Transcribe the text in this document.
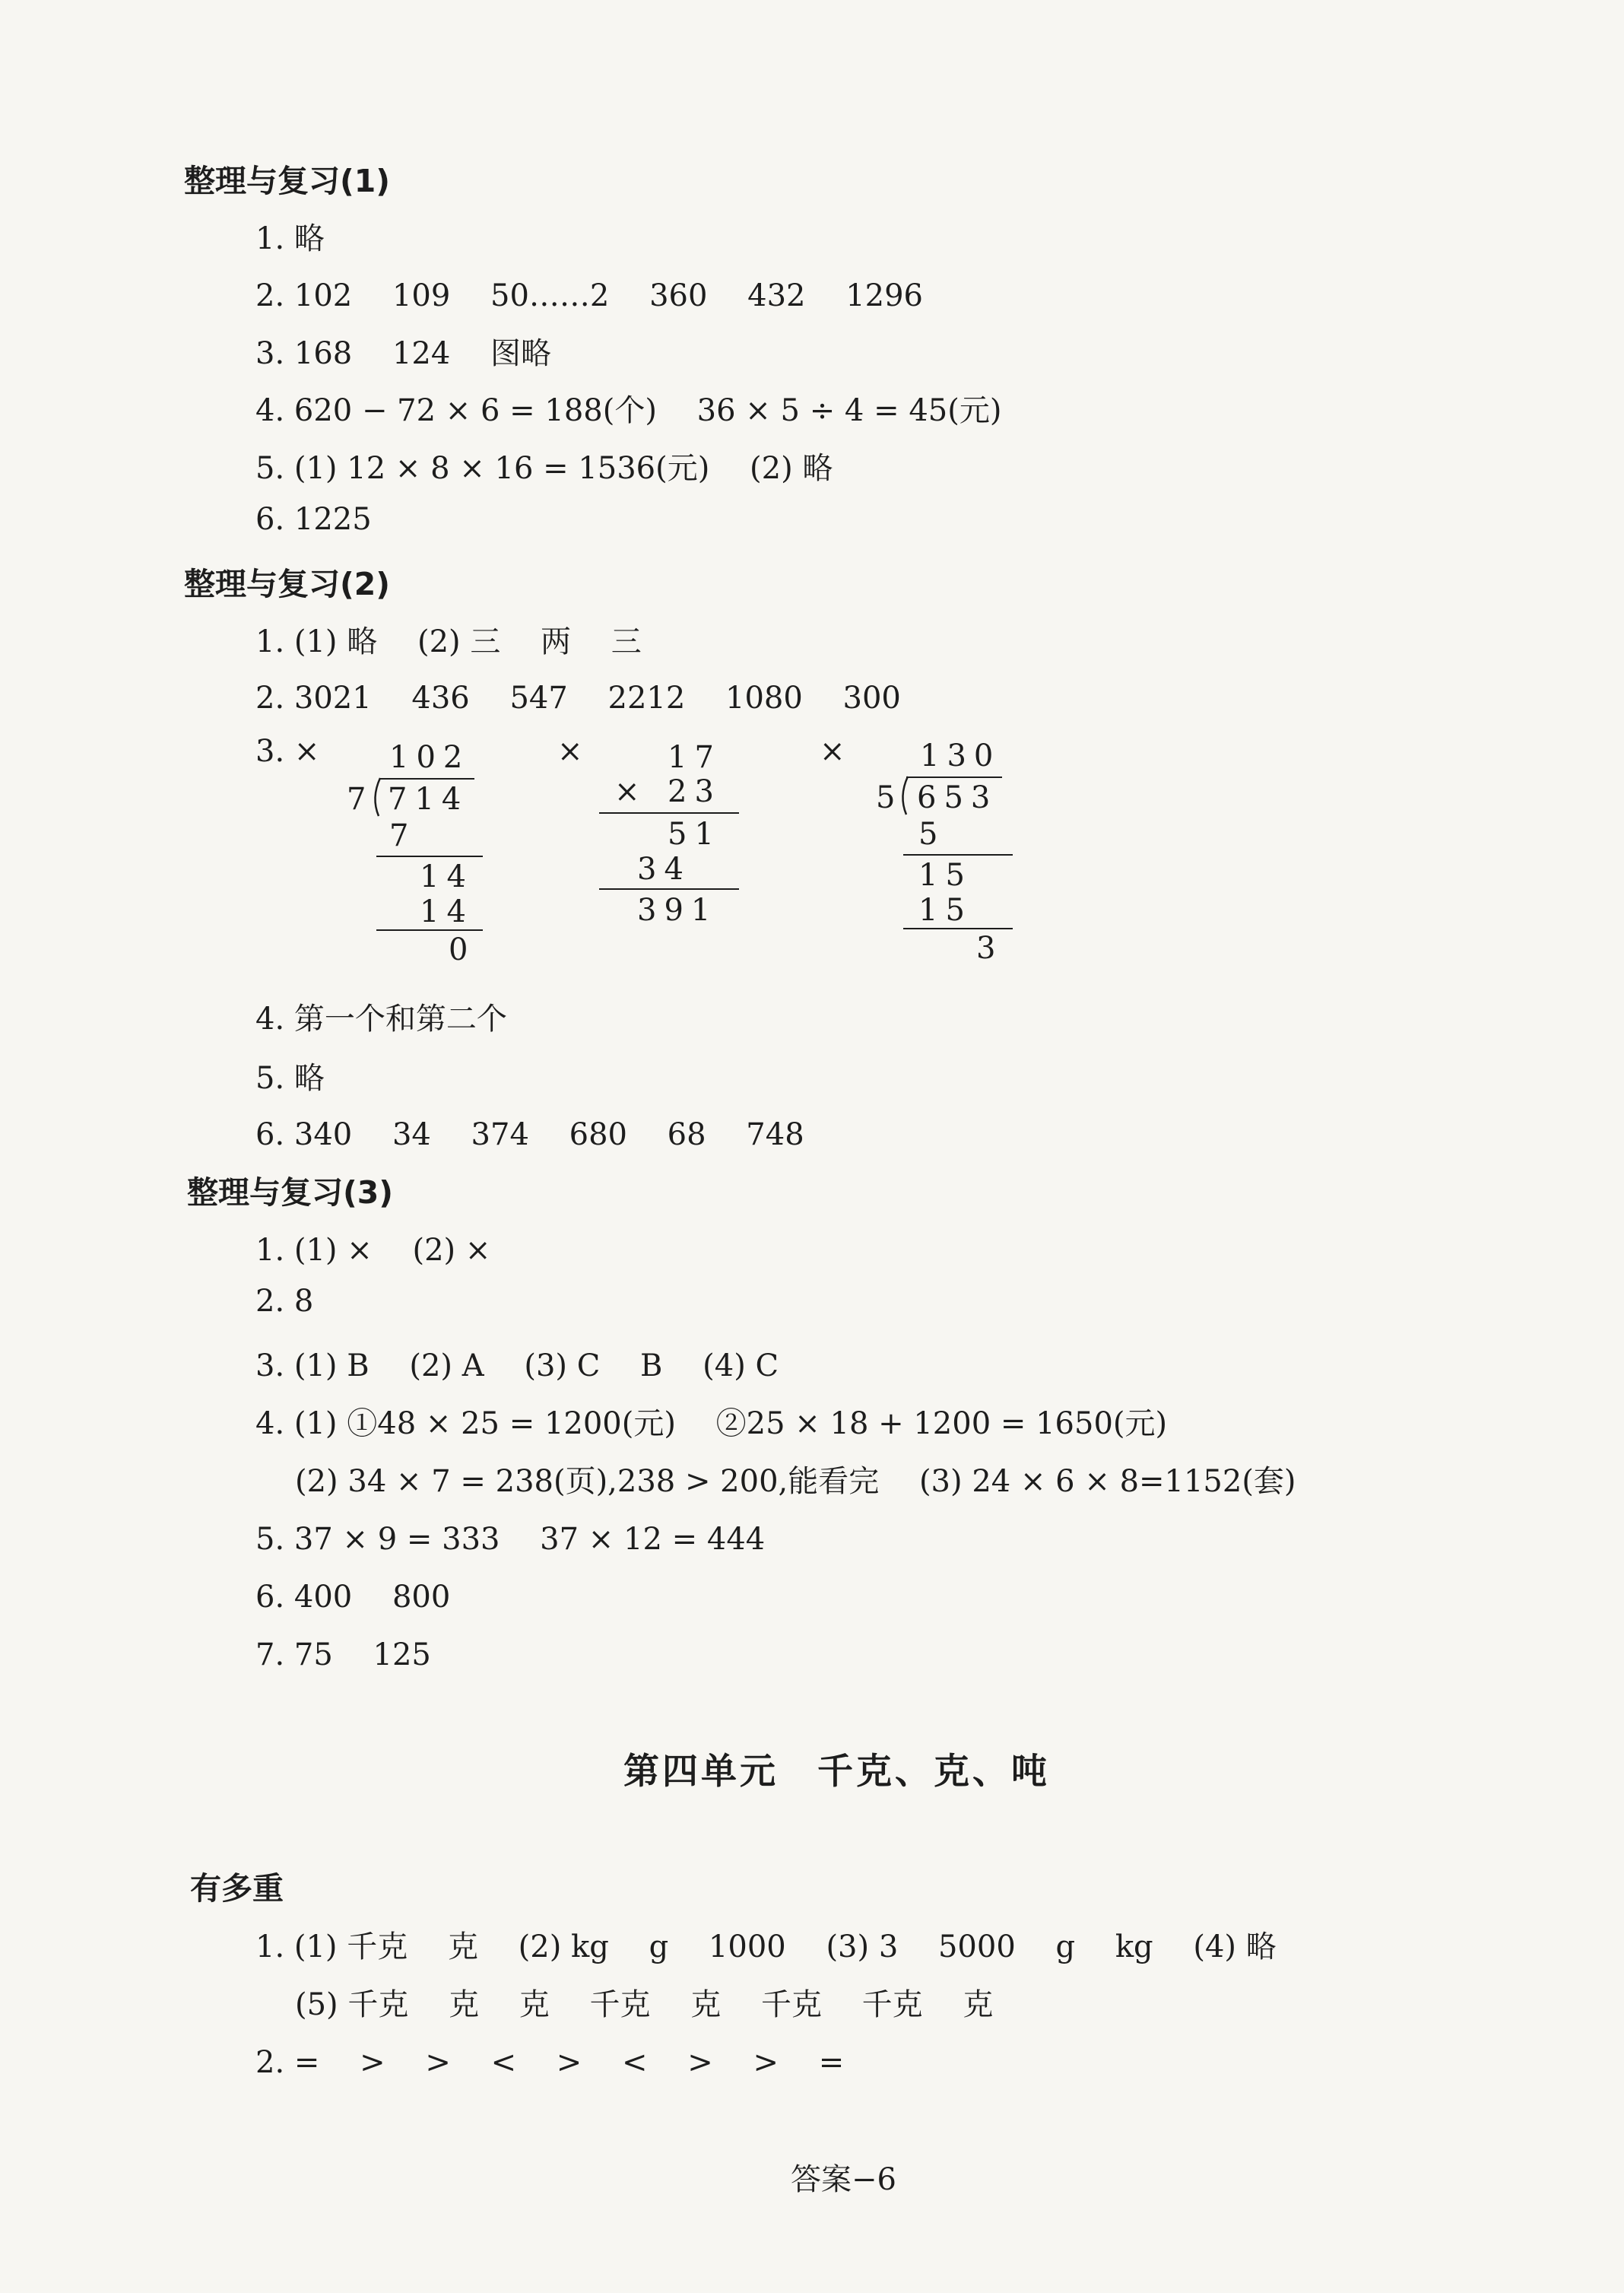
整理与复习(1)
1. 略
2. 102　 109　 50……2　 360　 432　 1296
3. 168　 124　 图略
4. 620 − 72 × 6 = 188(个)　 36 × 5 ÷ 4 = 45(元)
5. (1) 12 × 8 × 16 = 1536(元)　 (2) 略
6. 1225
整理与复习(2)
1. (1) 略　 (2) 三　 两　 三
2. 3021　 436　 547　 2212　 1080　 300
3. ×	×	×
102
7 714
7
14
14
0
17
× 23
51
34
391
130
5 653
5
15
15
3
4. 第一个和第二个
5. 略
6. 340　 34　 374　 680　 68　 748
整理与复习(3)
1. (1) ×　 (2) ×
2. 8
3. (1) B　 (2) A　 (3) C　 B　 (4) C
4. (1) ①48 × 25 = 1200(元)　 ②25 × 18 + 1200 = 1650(元)
(2) 34 × 7 = 238(页),238 > 200,能看完　 (3) 24 × 6 × 8=1152(套)
5. 37 × 9 = 333　 37 × 12 = 444
6. 400　 800
7. 75　 125
第四单元　千克、克、吨
有多重
1. (1) 千克　 克　 (2) kg　 g　 1000　 (3) 3　 5000　 g　 kg　 (4) 略
(5) 千克　 克　 克　 千克　 克　 千克　 千克　 克
2. =　 >　 >　 <　 >　 <　 >　 >　 =
答案−6
